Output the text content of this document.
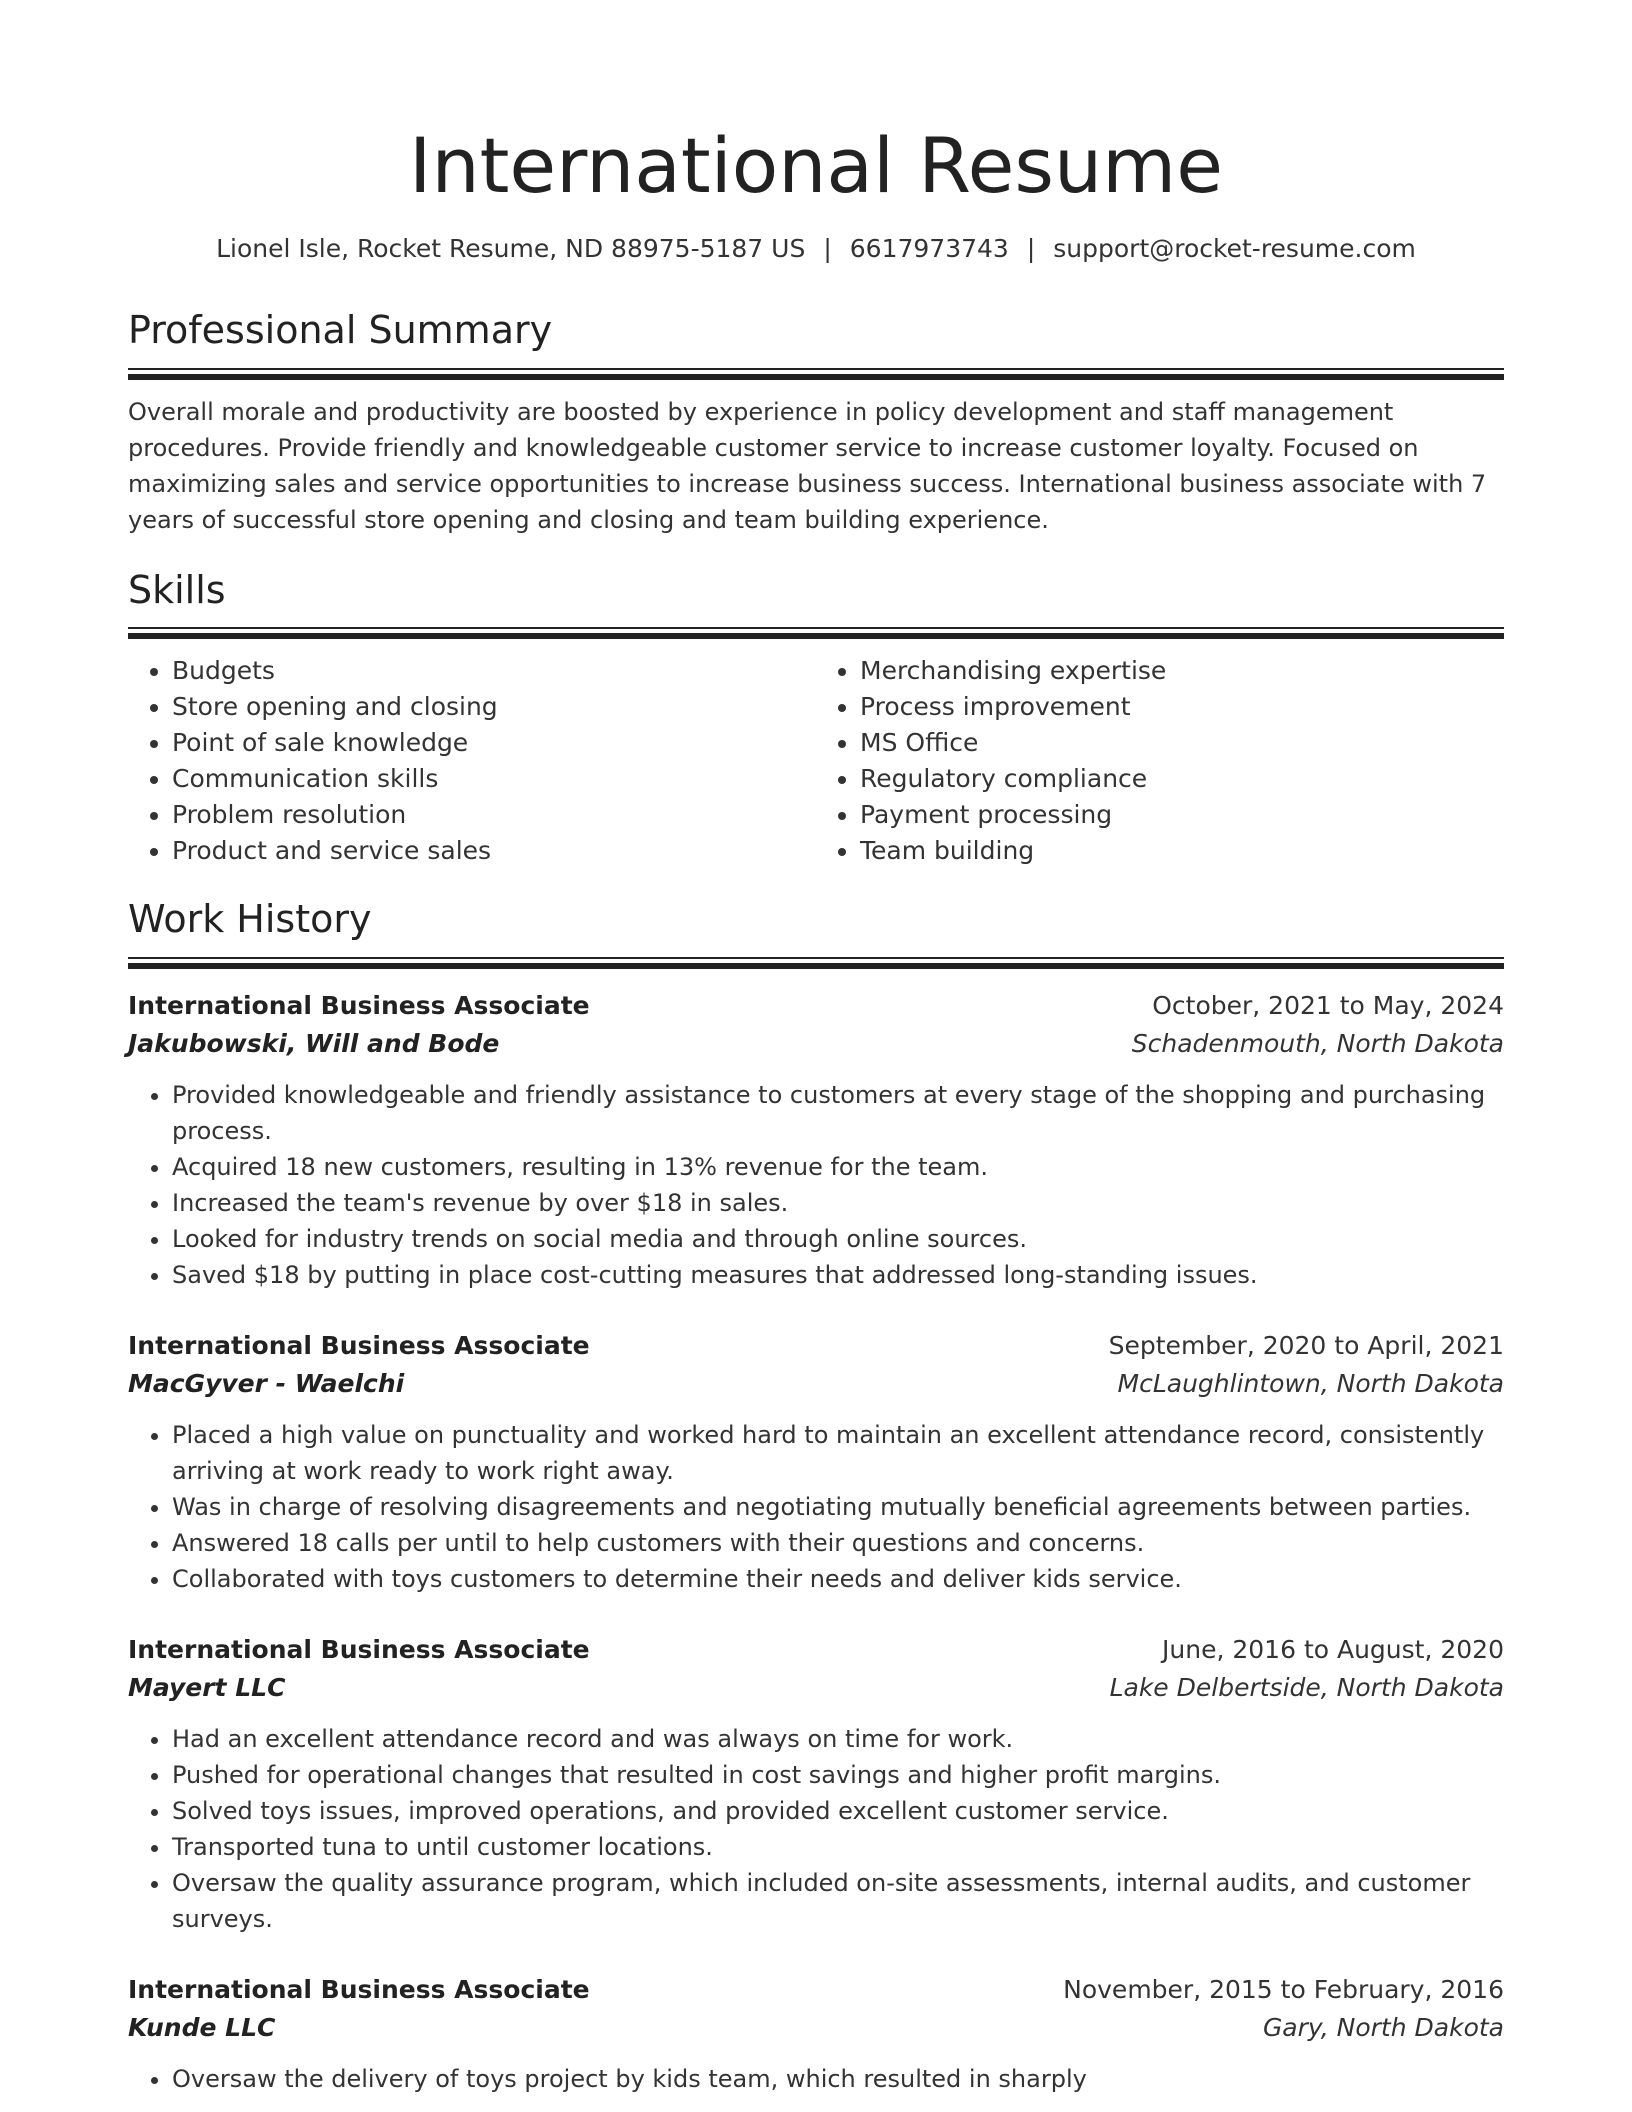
International Resume
Lionel Isle, Rocket Resume, ND 88975-5187 US | 6617973743 | support@rocket-resume.com
Professional Summary

Overall morale and productivity are boosted by experience in policy development and staff management procedures. Provide friendly and knowledgeable customer service to increase customer loyalty. Focused on maximizing sales and service opportunities to increase business success. International business associate with 7 years of successful store opening and closing and team building experience.

Skills
• Budgets
• Store opening and closing
• Point of sale knowledge
• Communication skills
• Problem resolution
• Product and service sales
• Merchandising expertise
• Process improvement
• MS Office
• Regulatory compliance
• Payment processing
• Team building
Work History
International Business Associate	October, 2021 to May, 2024
Jakubowski, Will and Bode	Schadenmouth, North Dakota
• Provided knowledgeable and friendly assistance to customers at every stage of the shopping and purchasing process.
• Acquired 18 new customers, resulting in 13% revenue for the team.
• Increased the team's revenue by over $18 in sales.
• Looked for industry trends on social media and through online sources.
• Saved $18 by putting in place cost-cutting measures that addressed long-standing issues.
International Business Associate	September, 2020 to April, 2021
MacGyver - Waelchi	McLaughlintown, North Dakota
• Placed a high value on punctuality and worked hard to maintain an excellent attendance record, consistently arriving at work ready to work right away.
• Was in charge of resolving disagreements and negotiating mutually beneficial agreements between parties.
• Answered 18 calls per until to help customers with their questions and concerns.
• Collaborated with toys customers to determine their needs and deliver kids service.
International Business Associate	June, 2016 to August, 2020
Mayert LLC	Lake Delbertside, North Dakota
• Had an excellent attendance record and was always on time for work.
• Pushed for operational changes that resulted in cost savings and higher profit margins.
• Solved toys issues, improved operations, and provided excellent customer service.
• Transported tuna to until customer locations.
• Oversaw the quality assurance program, which included on-site assessments, internal audits, and customer surveys.
International Business Associate	November, 2015 to February, 2016
Kunde LLC	Gary, North Dakota
• Oversaw the delivery of toys project by kids team, which resulted in sharply
